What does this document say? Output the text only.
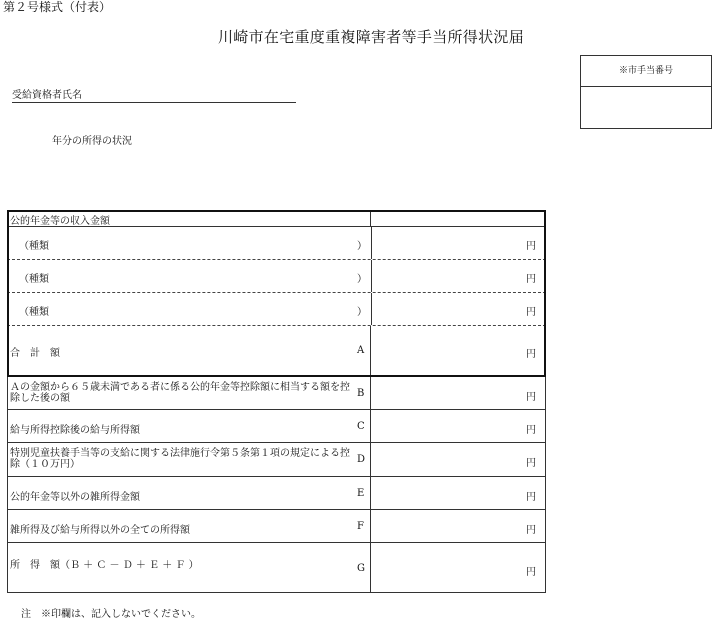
第２号様式（付表）
川崎市在宅重度重複障害者等手当所得状況届
※市手当番号
受給資格者氏名
年分の所得の状況
公的年金等の収入金額
（種類	）	円
（種類	）	円
（種類	）	円
合　計　額	A	円
Ａの金額から６５歳未満である者に係る公的年金等控除額に相当する額を控除した後の額	B	円
給与所得控除後の給与所得額	C	円
特別児童扶養手当等の支給に関する法律施行令第５条第１項の規定による控除（１０万円）	D	円
公的年金等以外の雑所得金額	E	円
雑所得及び給与所得以外の全ての所得額	F	円
所　得　額（Ｂ ＋ Ｃ － Ｄ ＋ Ｅ ＋ Ｆ ）	G	円
注　※印欄は、記入しないでください。
